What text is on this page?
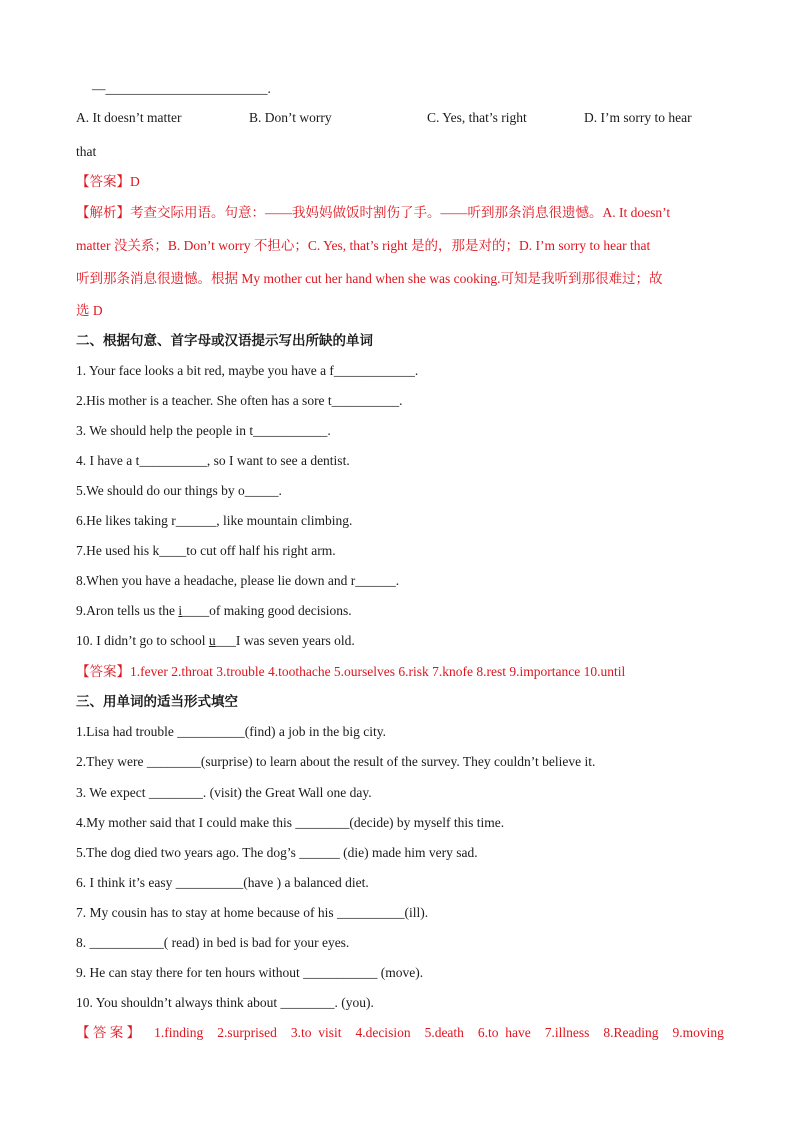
—________________________.
A. It doesn’t matter	B. Don’t worry	C. Yes, that’s right	D. I’m sorry to hear
that
【答案】D
【解析】考查交际用语。句意：——我妈妈做饭时割伤了手。——听到那条消息很遗憾。A. It doesn’t
matter 没关系；B. Don’t worry 不担心；C. Yes, that’s right 是的，那是对的；D. I’m sorry to hear that
听到那条消息很遗憾。根据 My mother cut her hand when she was cooking.可知是我听到那很难过；故
选 D
二、根据句意、首字母或汉语提示写出所缺的单词
1. Your face looks a bit red, maybe you have a f____________.
2.His mother is a teacher. She often has a sore t__________.
3. We should help the people in t___________.
4. I have a t__________, so I want to see a dentist.
5.We should do our things by o_____.
6.He likes taking r______, like mountain climbing.
7.He used his k____to cut off half his right arm.
8.When you have a headache, please lie down and r______.
9.Aron tells us the i____of making good decisions.
10. I didn’t go to school u___I was seven years old.
【答案】1.fever 2.throat 3.trouble 4.toothache 5.ourselves 6.risk 7.knofe 8.rest 9.importance 10.until
三、用单词的适当形式填空
1.Lisa had trouble __________(find) a job in the big city.
2.They were ________(surprise) to learn about the result of the survey. They couldn’t believe it.
3. We expect ________. (visit) the Great Wall one day.
4.My mother said that I could make this ________(decide) by myself this time.
5.The dog died two years ago. The dog’s ______ (die) made him very sad.
6. I think it’s easy __________(have ) a balanced diet.
7. My cousin has to stay at home because of his __________(ill).
8. ___________( read) in bed is bad for your eyes.
9. He can stay there for ten hours without ___________ (move).
10. You shouldn’t always think about ________. (you).
【 答 案 】 1.finding 2.surprised 3.to  visit 4.decision 5.death 6.to  have 7.illness 8.Reading 9.moving
